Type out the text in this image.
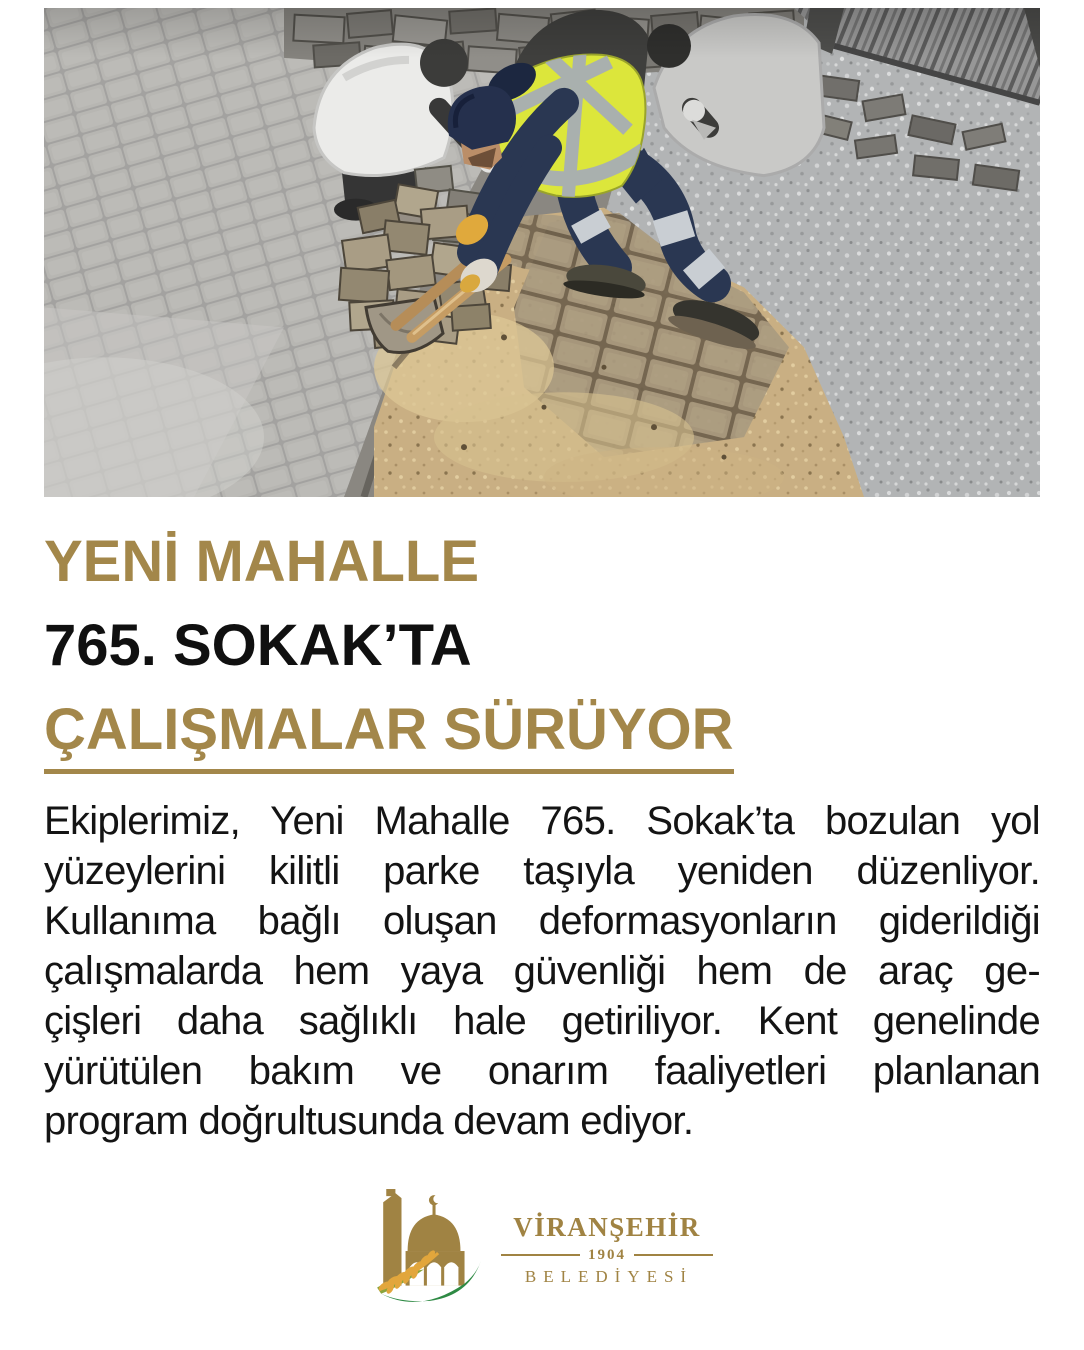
YENİ MAHALLE
765. SOKAK’TA
ÇALIŞMALAR SÜRÜYOR
Ekiplerimiz, Yeni Mahalle 765. Sokak’ta bozulan yol
yüzeylerini kilitli parke taşıyla yeniden düzenliyor.
Kullanıma bağlı oluşan deformasyonların giderildiği
çalışmalarda hem yaya güvenliği hem de araç ge-
çişleri daha sağlıklı hale getiriliyor. Kent genelinde
yürütülen bakım ve onarım faaliyetleri planlanan
program doğrultusunda devam ediyor.
VİRANŞEHİR
1904
BELEDİYESİ
